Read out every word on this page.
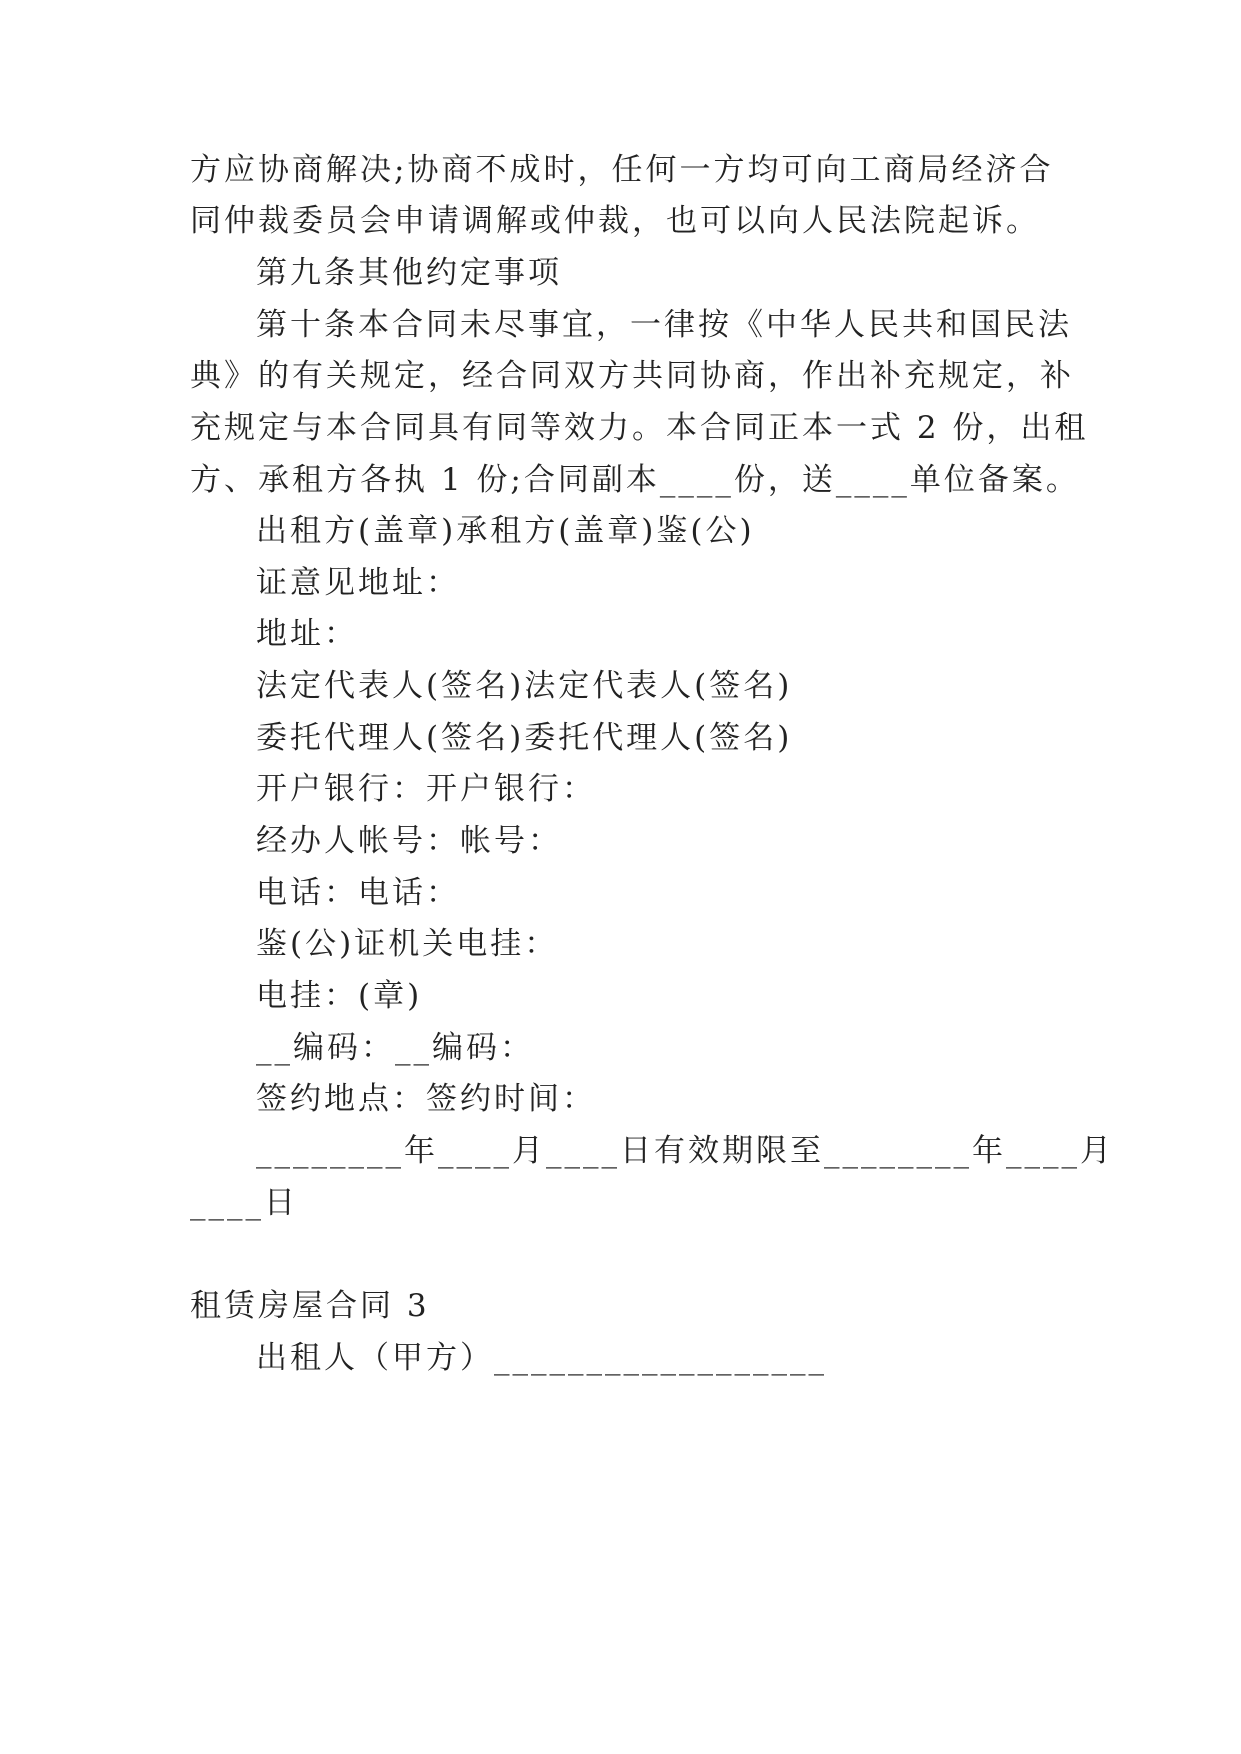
方应协商解决;协商不成时，任何一方均可向工商局经济合
同仲裁委员会申请调解或仲裁，也可以向人民法院起诉。
第九条其他约定事项
第十条本合同未尽事宜，一律按《中华人民共和国民法
典》的有关规定，经合同双方共同协商，作出补充规定，补
充规定与本合同具有同等效力。本合同正本一式 2 份，出租
方、承租方各执 1 份;合同副本____份，送____单位备案。
出租方(盖章)承租方(盖章)鉴(公)
证意见地址：
地址：
法定代表人(签名)法定代表人(签名)
委托代理人(签名)委托代理人(签名)
开户银行：开户银行：
经办人帐号：帐号：
电话：电话：
鉴(公)证机关电挂：
电挂：(章)
__编码：__编码：
签约地点：签约时间：
________年____月____日有效期限至________年____月
____日
租赁房屋合同 3
出租人（甲方）__________________
